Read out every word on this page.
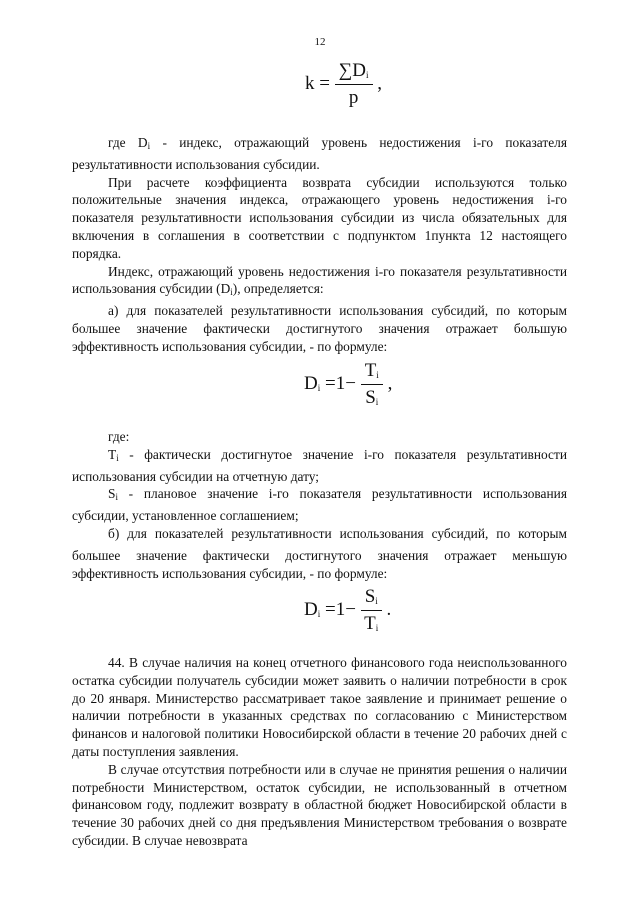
12
$k = \frac{\sum D_i}{p}$ ,

где $D_i$ - индекс, отражающий уровень недостижения i-го показателя результативности использования субсидии.

При расчете коэффициента возврата субсидии используются только положительные значения индекса, отражающего уровень недостижения i-го показателя результативности использования субсидии из числа обязательных для включения в соглашения в соответствии с подпунктом 1пункта 12 настоящего порядка.

Индекс, отражающий уровень недостижения i-го показателя результативности использования субсидии $(D_i)$, определяется:

а) для показателей результативности использования субсидий, по которым большее значение фактически достигнутого значения отражает большую эффективность использования субсидии, - по формуле:

$D_i =1- \frac{T_i}{S_i}$ ,

где:

$T_i$ - фактически достигнутое значение i-го показателя результативности использования субсидии на отчетную дату;

$S_i$ - плановое значение i-го показателя результативности использования субсидии, установленное соглашением;

б) для показателей результативности использования субсидий, по которым большее значение фактически достигнутого значения отражает меньшую эффективность использования субсидии, - по формуле:

$D_i =1- \frac{S_i}{T_i}$ .

44. В случае наличия на конец отчетного финансового года неиспользованного остатка субсидии получатель субсидии может заявить о наличии потребности в срок до 20 января. Министерство рассматривает такое заявление и принимает решение о наличии потребности в указанных средствах по согласованию с Министерством финансов и налоговой политики Новосибирской области в течение 20 рабочих дней с даты поступления заявления.

В случае отсутствия потребности или в случае не принятия решения о наличии потребности Министерством, остаток субсидии, не использованный в отчетном финансовом году, подлежит возврату в областной бюджет Новосибирской области в течение 30 рабочих дней со дня предъявления Министерством требования о возврате субсидии. В случае невозврата
